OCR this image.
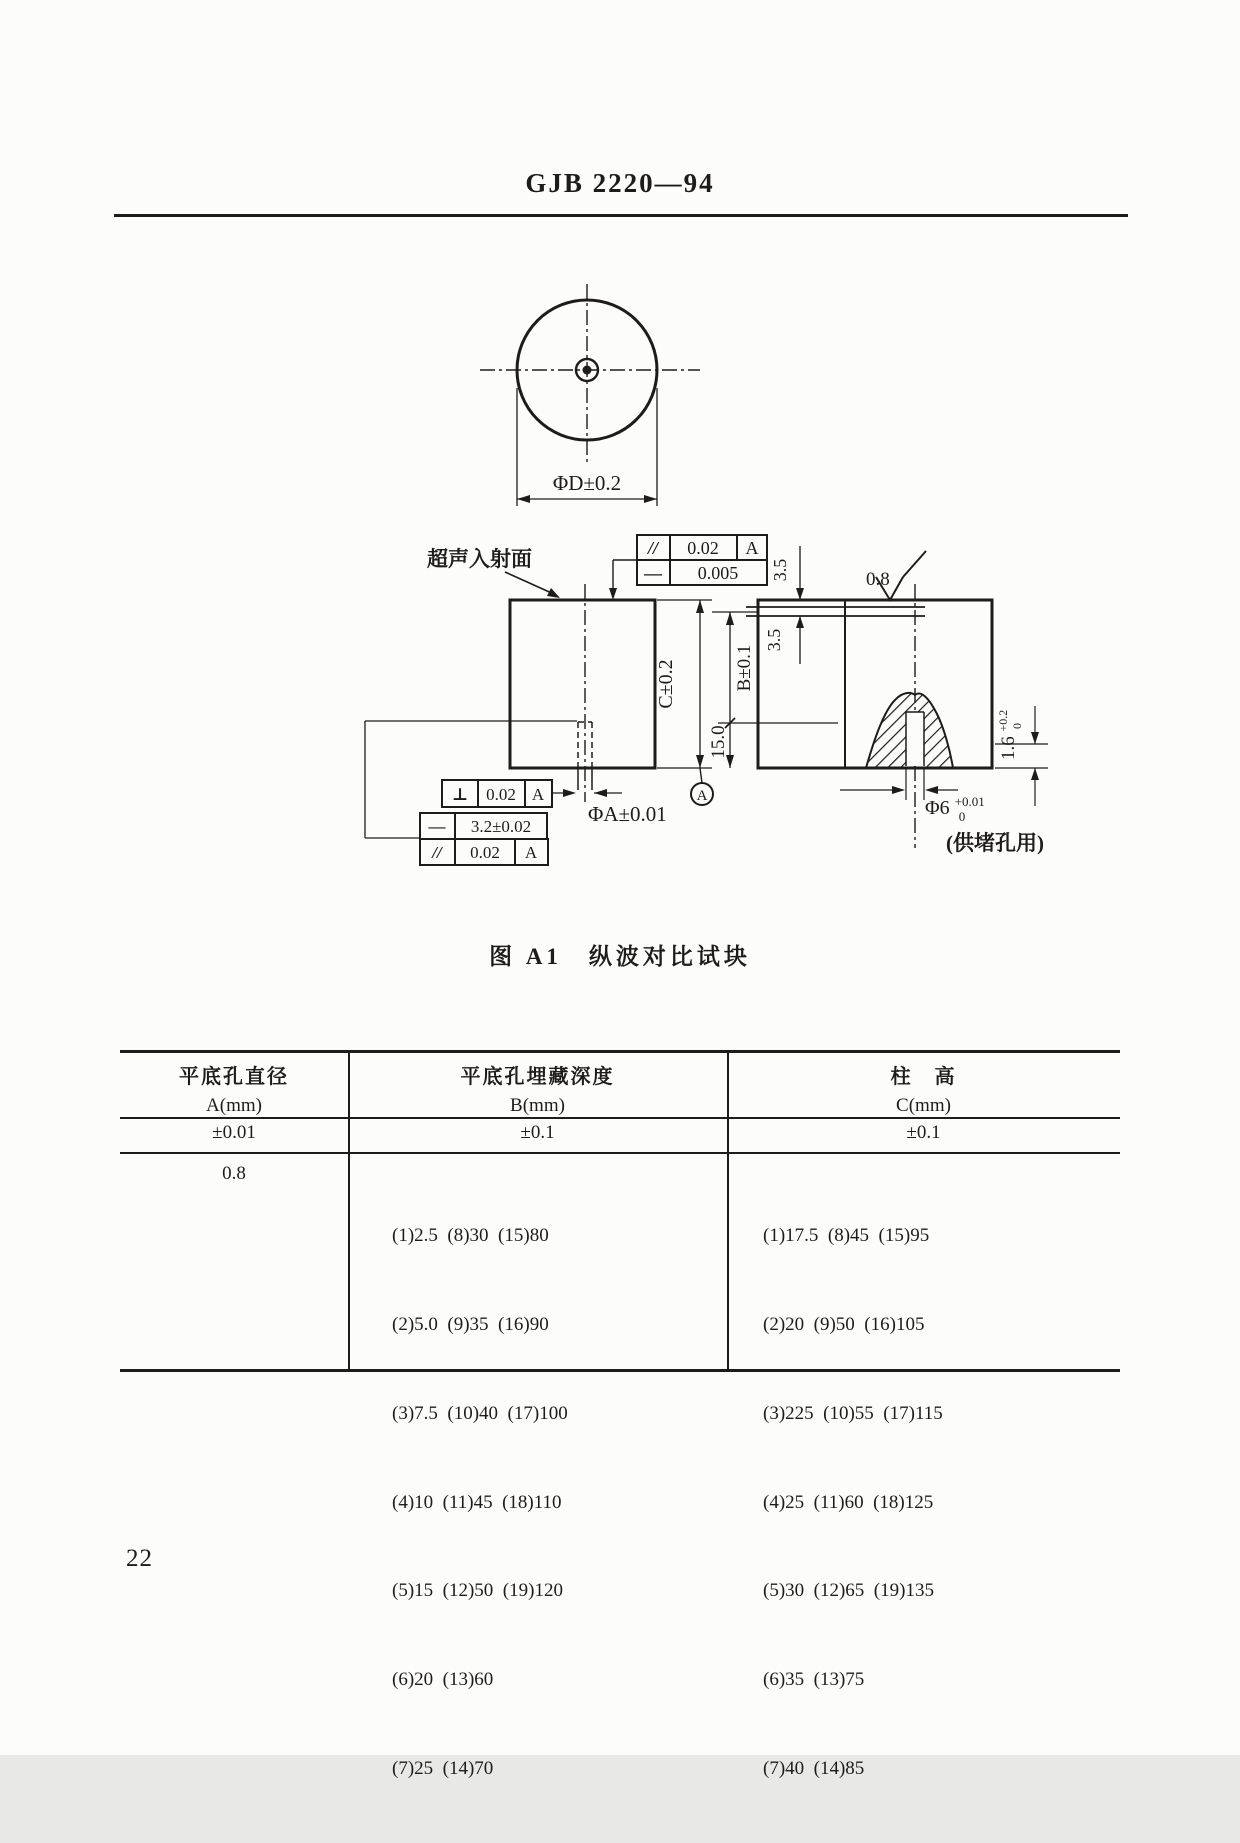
GJB 2220—94
ΦD±0.2
超声入射面
C±0.2
A
B±0.1
15.0
// 0.02 A
— 0.005
⊥ 0.02 A
— 3.2±0.02
// 0.02 A
ΦA±0.01
3.5
3.5
0.8
1.6 $^{+0.2}$ 0
Φ6 $^{+0.01}$ 0
(供堵孔用)
图 A1　纵波对比试块
平底孔直径
A(mm)
平底孔埋藏深度
B(mm)
柱　高
C(mm)
±0.01	±0.1	±0.1
0.8

(1)2.5  (8)30  (15)80

(2)5.0  (9)35  (16)90

(3)7.5  (10)40  (17)100

(4)10  (11)45  (18)110

(5)15  (12)50  (19)120

(6)20  (13)60

(7)25  (14)70

(1)17.5  (8)45  (15)95

(2)20  (9)50  (16)105

(3)225  (10)55  (17)115

(4)25  (11)60  (18)125

(5)30  (12)65  (19)135

(6)35  (13)75

(7)40  (14)85

22
